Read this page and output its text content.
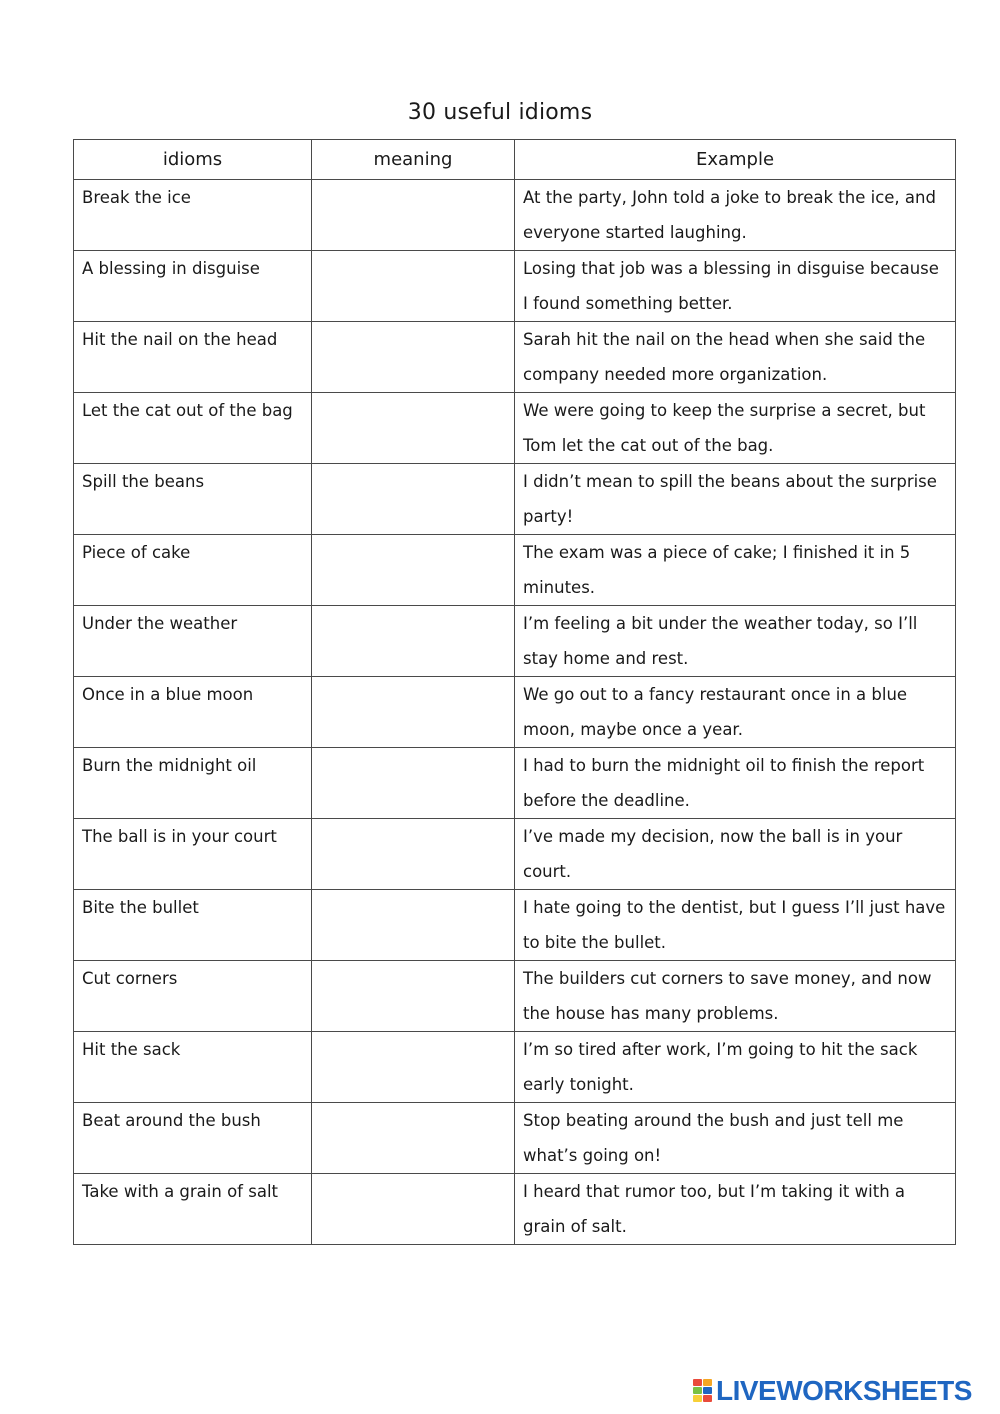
30 useful idioms
idioms	meaning	Example
Break the ice		At the party, John told a joke to break the ice, and everyone started laughing.
A blessing in disguise		Losing that job was a blessing in disguise because I found something better.
Hit the nail on the head		Sarah hit the nail on the head when she said the company needed more organization.
Let the cat out of the bag		We were going to keep the surprise a secret, but Tom let the cat out of the bag.
Spill the beans		I didn’t mean to spill the beans about the surprise party!
Piece of cake		The exam was a piece of cake; I finished it in 5 minutes.
Under the weather		I’m feeling a bit under the weather today, so I’ll stay home and rest.
Once in a blue moon		We go out to a fancy restaurant once in a blue moon, maybe once a year.
Burn the midnight oil		I had to burn the midnight oil to finish the report before the deadline.
The ball is in your court		I’ve made my decision, now the ball is in your court.
Bite the bullet		I hate going to the dentist, but I guess I’ll just have to bite the bullet.
Cut corners		The builders cut corners to save money, and now the house has many problems.
Hit the sack		I’m so tired after work, I’m going to hit the sack early tonight.
Beat around the bush		Stop beating around the bush and just tell me what’s going on!
Take with a grain of salt		I heard that rumor too, but I’m taking it with a grain of salt.
LIVEWORKSHEETS
